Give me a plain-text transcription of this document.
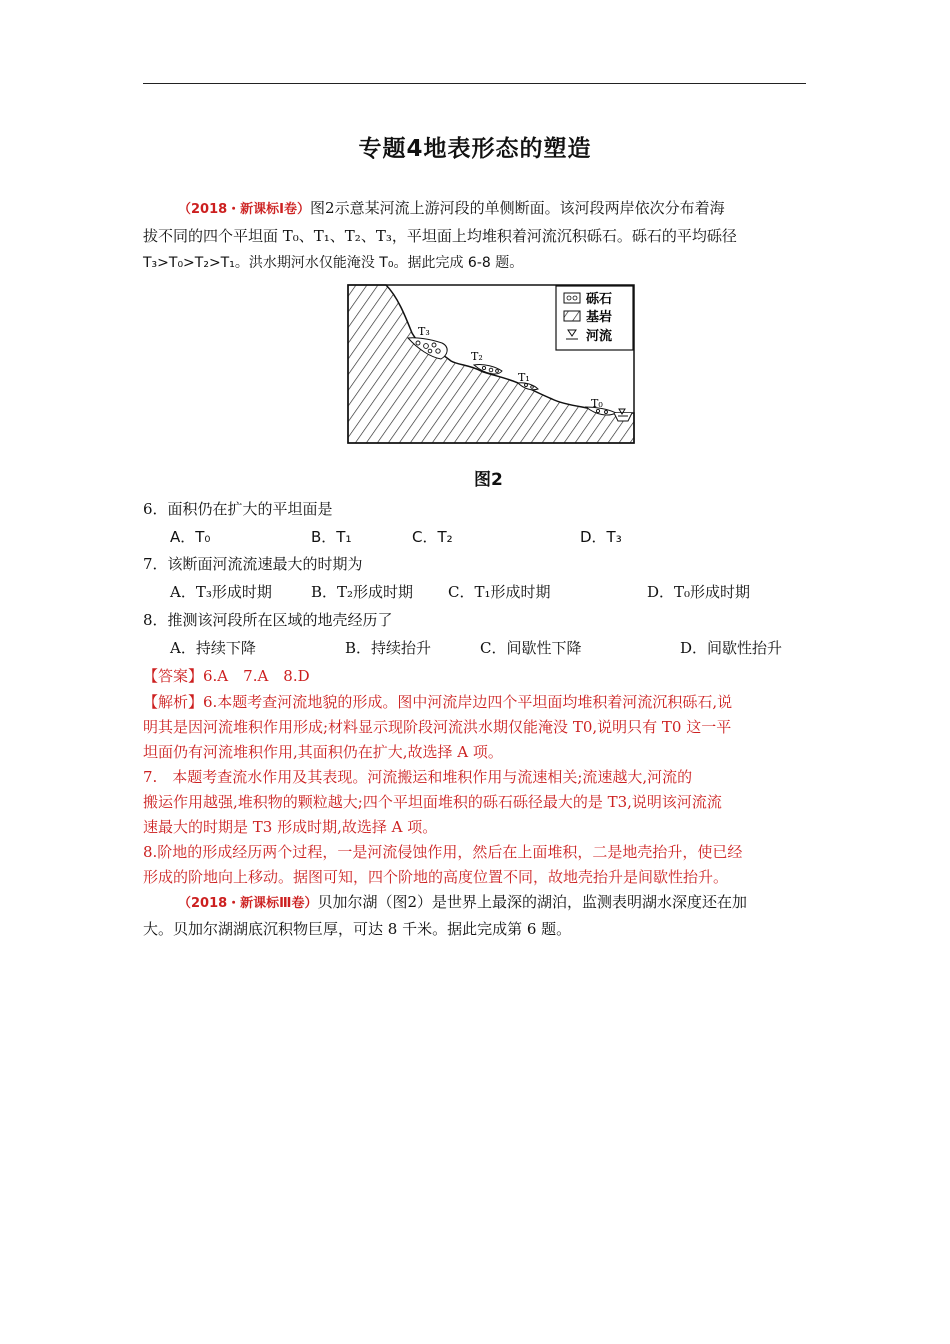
专题4地表形态的塑造
（2018・新课标Ⅰ卷）图2示意某河流上游河段的单侧断面。该河段两岸依次分布着海
拔不同的四个平坦面 T₀、T₁、T₂、T₃，平坦面上均堆积着河流沉积砾石。砾石的平均砾径
T₃>T₀>T₂>T₁。洪水期河水仅能淹没 T₀。据此完成 6-8 题。
T₃
T₂
T₁
T₀
砾石
基岩
河流
图2
6．面积仍在扩大的平坦面是
A．T₀	B．T₁	C．T₂	D．T₃
7．该断面河流流速最大的时期为
A．T₃形成时期	B．T₂形成时期 C．T₁形成时期	D．T₀形成时期
8．推测该河段所在区域的地壳经历了
A．持续下降	B．持续抬升	C．间歇性下降	D．间歇性抬升
【答案】6.A　7.A　8.D
【解析】6.本题考查河流地貌的形成。图中河流岸边四个平坦面均堆积着河流沉积砾石,说
明其是因河流堆积作用形成;材料显示现阶段河流洪水期仅能淹没 T0,说明只有 T0 这一平
坦面仍有河流堆积作用,其面积仍在扩大,故选择 A 项。
7.　本题考查流水作用及其表现。河流搬运和堆积作用与流速相关;流速越大,河流的
搬运作用越强,堆积物的颗粒越大;四个平坦面堆积的砾石砾径最大的是 T3,说明该河流流
速最大的时期是 T3 形成时期,故选择 A 项。
8.阶地的形成经历两个过程，一是河流侵蚀作用，然后在上面堆积，二是地壳抬升，使已经
形成的阶地向上移动。据图可知，四个阶地的高度位置不同，故地壳抬升是间歇性抬升。
（2018・新课标Ⅲ卷）贝加尔湖（图2）是世界上最深的湖泊，监测表明湖水深度还在加
大。贝加尔湖湖底沉积物巨厚，可达 8 千米。据此完成第 6 题。
